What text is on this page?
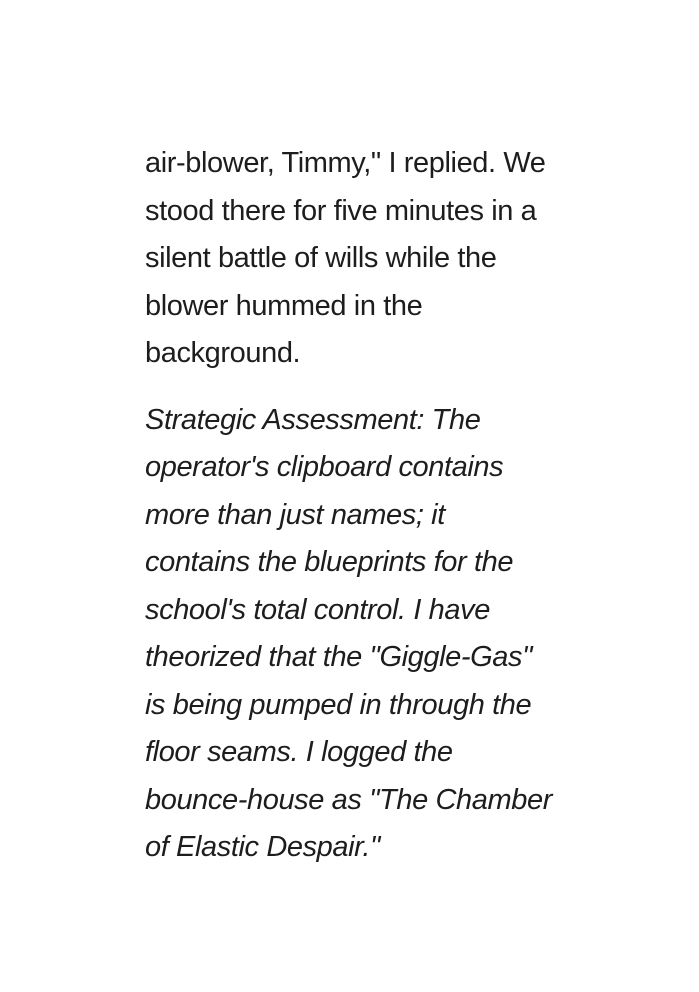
air-blower, Timmy," I replied. We
stood there for five minutes in a
silent battle of wills while the
blower hummed in the
background.
Strategic Assessment: The
operator's clipboard contains
more than just names; it
contains the blueprints for the
school's total control. I have
theorized that the "Giggle-Gas"
is being pumped in through the
floor seams. I logged the
bounce-house as "The Chamber
of Elastic Despair."
